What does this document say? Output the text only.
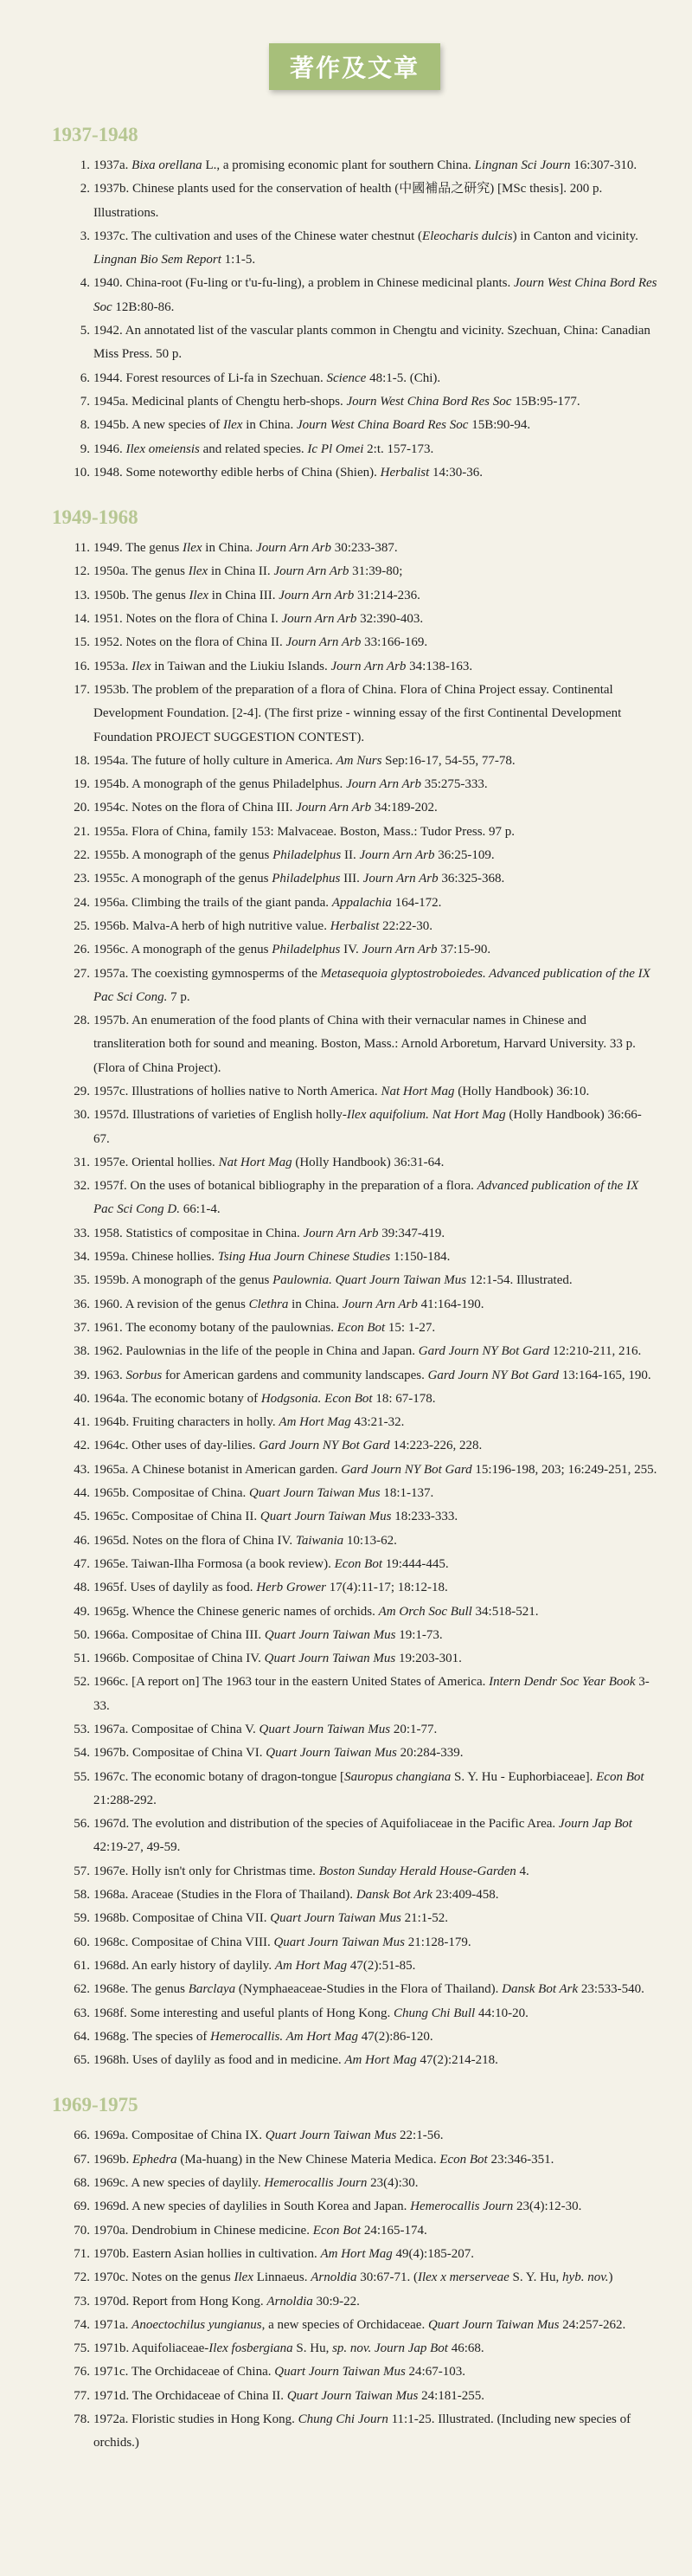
著作及文章
1937-1948
1. 1937a. Bixa orellana L., a promising economic plant for southern China. Lingnan Sci Journ 16:307-310.
2. 1937b. Chinese plants used for the conservation of health (中國補品之研究) [MSc thesis]. 200 p. Illustrations.
3. 1937c. The cultivation and uses of the Chinese water chestnut (Eleocharis dulcis) in Canton and vicinity. Lingnan Bio Sem Report 1:1-5.
4. 1940. China-root (Fu-ling or t'u-fu-ling), a problem in Chinese medicinal plants. Journ West China Bord Res Soc 12B:80-86.
5. 1942. An annotated list of the vascular plants common in Chengtu and vicinity. Szechuan, China: Canadian Miss Press. 50 p.
6. 1944. Forest resources of Li-fa in Szechuan. Science 48:1-5. (Chi).
7. 1945a. Medicinal plants of Chengtu herb-shops. Journ West China Bord Res Soc 15B:95-177.
8. 1945b. A new species of Ilex in China. Journ West China Board Res Soc 15B:90-94.
9. 1946. Ilex omeiensis and related species. Ic Pl Omei 2:t. 157-173.
10. 1948. Some noteworthy edible herbs of China (Shien). Herbalist 14:30-36.
1949-1968
11. 1949. The genus Ilex in China. Journ Arn Arb 30:233-387.
12. 1950a. The genus Ilex in China II. Journ Arn Arb 31:39-80;
13. 1950b. The genus Ilex in China III. Journ Arn Arb 31:214-236.
14. 1951. Notes on the flora of China I. Journ Arn Arb 32:390-403.
15. 1952. Notes on the flora of China II. Journ Arn Arb 33:166-169.
16. 1953a. Ilex in Taiwan and the Liukiu Islands. Journ Arn Arb 34:138-163.
17. 1953b. The problem of the preparation of a flora of China. Flora of China Project essay. Continental Development Foundation. [2-4]. (The first prize - winning essay of the first Continental Development Foundation PROJECT SUGGESTION CONTEST).
18. 1954a. The future of holly culture in America. Am Nurs Sep:16-17, 54-55, 77-78.
19. 1954b. A monograph of the genus Philadelphus. Journ Arn Arb 35:275-333.
20. 1954c. Notes on the flora of China III. Journ Arn Arb 34:189-202.
21. 1955a. Flora of China, family 153: Malvaceae. Boston, Mass.: Tudor Press. 97 p.
22. 1955b. A monograph of the genus Philadelphus II. Journ Arn Arb 36:25-109.
23. 1955c. A monograph of the genus Philadelphus III. Journ Arn Arb 36:325-368.
24. 1956a. Climbing the trails of the giant panda. Appalachia 164-172.
25. 1956b. Malva-A herb of high nutritive value. Herbalist 22:22-30.
26. 1956c. A monograph of the genus Philadelphus IV. Journ Arn Arb 37:15-90.
27. 1957a. The coexisting gymnosperms of the Metasequoia glyptostroboiedes. Advanced publication of the IX Pac Sci Cong. 7 p.
28. 1957b. An enumeration of the food plants of China with their vernacular names in Chinese and transliteration both for sound and meaning. Boston, Mass.: Arnold Arboretum, Harvard University. 33 p. (Flora of China Project).
29. 1957c. Illustrations of hollies native to North America. Nat Hort Mag (Holly Handbook) 36:10.
30. 1957d. Illustrations of varieties of English holly-Ilex aquifolium. Nat Hort Mag (Holly Handbook) 36:66-67.
31. 1957e. Oriental hollies. Nat Hort Mag (Holly Handbook) 36:31-64.
32. 1957f. On the uses of botanical bibliography in the preparation of a flora. Advanced publication of the IX Pac Sci Cong D. 66:1-4.
33. 1958. Statistics of compositae in China. Journ Arn Arb 39:347-419.
34. 1959a. Chinese hollies. Tsing Hua Journ Chinese Studies 1:150-184.
35. 1959b. A monograph of the genus Paulownia. Quart Journ Taiwan Mus 12:1-54. Illustrated.
36. 1960. A revision of the genus Clethra in China. Journ Arn Arb 41:164-190.
37. 1961. The economy botany of the paulownias. Econ Bot 15: 1-27.
38. 1962. Paulownias in the life of the people in China and Japan. Gard Journ NY Bot Gard 12:210-211, 216.
39. 1963. Sorbus for American gardens and community landscapes. Gard Journ NY Bot Gard 13:164-165, 190.
40. 1964a. The economic botany of Hodgsonia. Econ Bot 18: 67-178.
41. 1964b. Fruiting characters in holly. Am Hort Mag 43:21-32.
42. 1964c. Other uses of day-lilies. Gard Journ NY Bot Gard 14:223-226, 228.
43. 1965a. A Chinese botanist in American garden. Gard Journ NY Bot Gard 15:196-198, 203; 16:249-251, 255.
44. 1965b. Compositae of China. Quart Journ Taiwan Mus 18:1-137.
45. 1965c. Compositae of China II. Quart Journ Taiwan Mus 18:233-333.
46. 1965d. Notes on the flora of China IV. Taiwania 10:13-62.
47. 1965e. Taiwan-Ilha Formosa (a book review). Econ Bot 19:444-445.
48. 1965f. Uses of daylily as food. Herb Grower 17(4):11-17; 18:12-18.
49. 1965g. Whence the Chinese generic names of orchids. Am Orch Soc Bull 34:518-521.
50. 1966a. Compositae of China III. Quart Journ Taiwan Mus 19:1-73.
51. 1966b. Compositae of China IV. Quart Journ Taiwan Mus 19:203-301.
52. 1966c. [A report on] The 1963 tour in the eastern United States of America. Intern Dendr Soc Year Book 3-33.
53. 1967a. Compositae of China V. Quart Journ Taiwan Mus 20:1-77.
54. 1967b. Compositae of China VI. Quart Journ Taiwan Mus 20:284-339.
55. 1967c. The economic botany of dragon-tongue [Sauropus changiana S. Y. Hu - Euphorbiaceae]. Econ Bot 21:288-292.
56. 1967d. The evolution and distribution of the species of Aquifoliaceae in the Pacific Area. Journ Jap Bot 42:19-27, 49-59.
57. 1967e. Holly isn't only for Christmas time. Boston Sunday Herald House-Garden 4.
58. 1968a. Araceae (Studies in the Flora of Thailand). Dansk Bot Ark 23:409-458.
59. 1968b. Compositae of China VII. Quart Journ Taiwan Mus 21:1-52.
60. 1968c. Compositae of China VIII. Quart Journ Taiwan Mus 21:128-179.
61. 1968d. An early history of daylily. Am Hort Mag 47(2):51-85.
62. 1968e. The genus Barclaya (Nymphaeaceae-Studies in the Flora of Thailand). Dansk Bot Ark 23:533-540.
63. 1968f. Some interesting and useful plants of Hong Kong. Chung Chi Bull 44:10-20.
64. 1968g. The species of Hemerocallis. Am Hort Mag 47(2):86-120.
65. 1968h. Uses of daylily as food and in medicine. Am Hort Mag 47(2):214-218.
1969-1975
66. 1969a. Compositae of China IX. Quart Journ Taiwan Mus 22:1-56.
67. 1969b. Ephedra (Ma-huang) in the New Chinese Materia Medica. Econ Bot 23:346-351.
68. 1969c. A new species of daylily. Hemerocallis Journ 23(4):30.
69. 1969d. A new species of daylilies in South Korea and Japan. Hemerocallis Journ 23(4):12-30.
70. 1970a. Dendrobium in Chinese medicine. Econ Bot 24:165-174.
71. 1970b. Eastern Asian hollies in cultivation. Am Hort Mag 49(4):185-207.
72. 1970c. Notes on the genus Ilex Linnaeus. Arnoldia 30:67-71. (Ilex x merserveae S. Y. Hu, hyb. nov.)
73. 1970d. Report from Hong Kong. Arnoldia 30:9-22.
74. 1971a. Anoectochilus yungianus, a new species of Orchidaceae. Quart Journ Taiwan Mus 24:257-262.
75. 1971b. Aquifoliaceae-Ilex fosbergiana S. Hu, sp. nov. Journ Jap Bot 46:68.
76. 1971c. The Orchidaceae of China. Quart Journ Taiwan Mus 24:67-103.
77. 1971d. The Orchidaceae of China II. Quart Journ Taiwan Mus 24:181-255.
78. 1972a. Floristic studies in Hong Kong. Chung Chi Journ 11:1-25. Illustrated. (Including new species of orchids.)
